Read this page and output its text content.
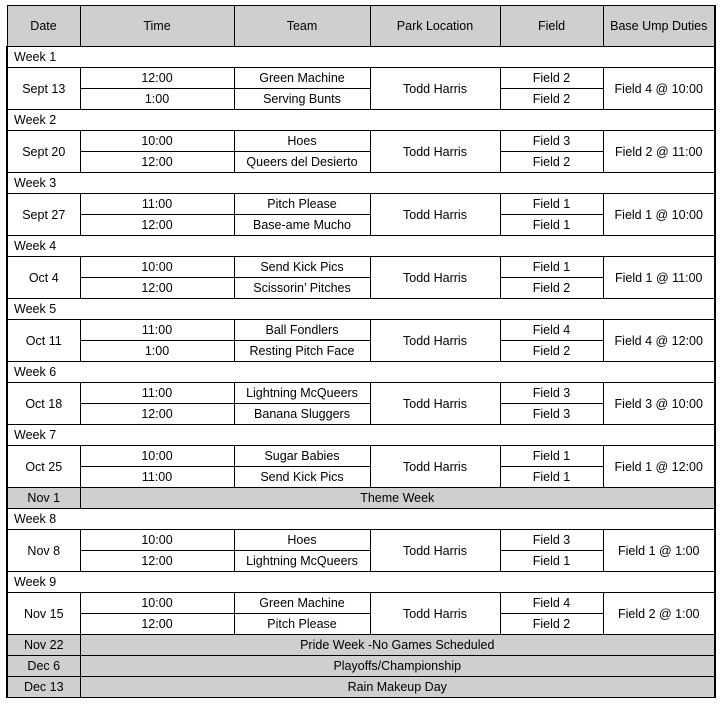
Date	Time	Team	Park Location	Field	Base Ump Duties
Week 1					
Sept 13	12:00	Green Machine	Todd Harris	Field 2	Field 4 @ 10:00
	1:00	Serving Bunts		Field 2	
Week 2					
Sept 20	10:00	Hoes	Todd Harris	Field 3	Field 2 @ 11:00
	12:00	Queers del Desierto		Field 2	
Week 3					
Sept 27	11:00	Pitch Please	Todd Harris	Field 1	Field 1 @ 10:00
	12:00	Base-ame Mucho		Field 1	
Week 4					
Oct 4	10:00	Send Kick Pics	Todd Harris	Field 1	Field 1 @ 11:00
	12:00	Scissorin’ Pitches		Field 2	
Week 5					
Oct 11	11:00	Ball Fondlers	Todd Harris	Field 4	Field 4 @ 12:00
	1:00	Resting Pitch Face		Field 2	
Week 6					
Oct 18	11:00	Lightning McQueers	Todd Harris	Field 3	Field 3 @ 10:00
	12:00	Banana Sluggers		Field 3	
Week 7					
Oct 25	10:00	Sugar Babies	Todd Harris	Field 1	Field 1 @ 12:00
	11:00	Send Kick Pics		Field 1	
Nov 1	Theme Week				
Week 8					
Nov 8	10:00	Hoes	Todd Harris	Field 3	Field 1 @ 1:00
	12:00	Lightning McQueers		Field 1	
Week 9					
Nov 15	10:00	Green Machine	Todd Harris	Field 4	Field 2 @ 1:00
	12:00	Pitch Please		Field 2	
Nov 22	Pride Week -No Games Scheduled				
Dec 6	Playoffs/Championship				
Dec 13	Rain Makeup Day				
